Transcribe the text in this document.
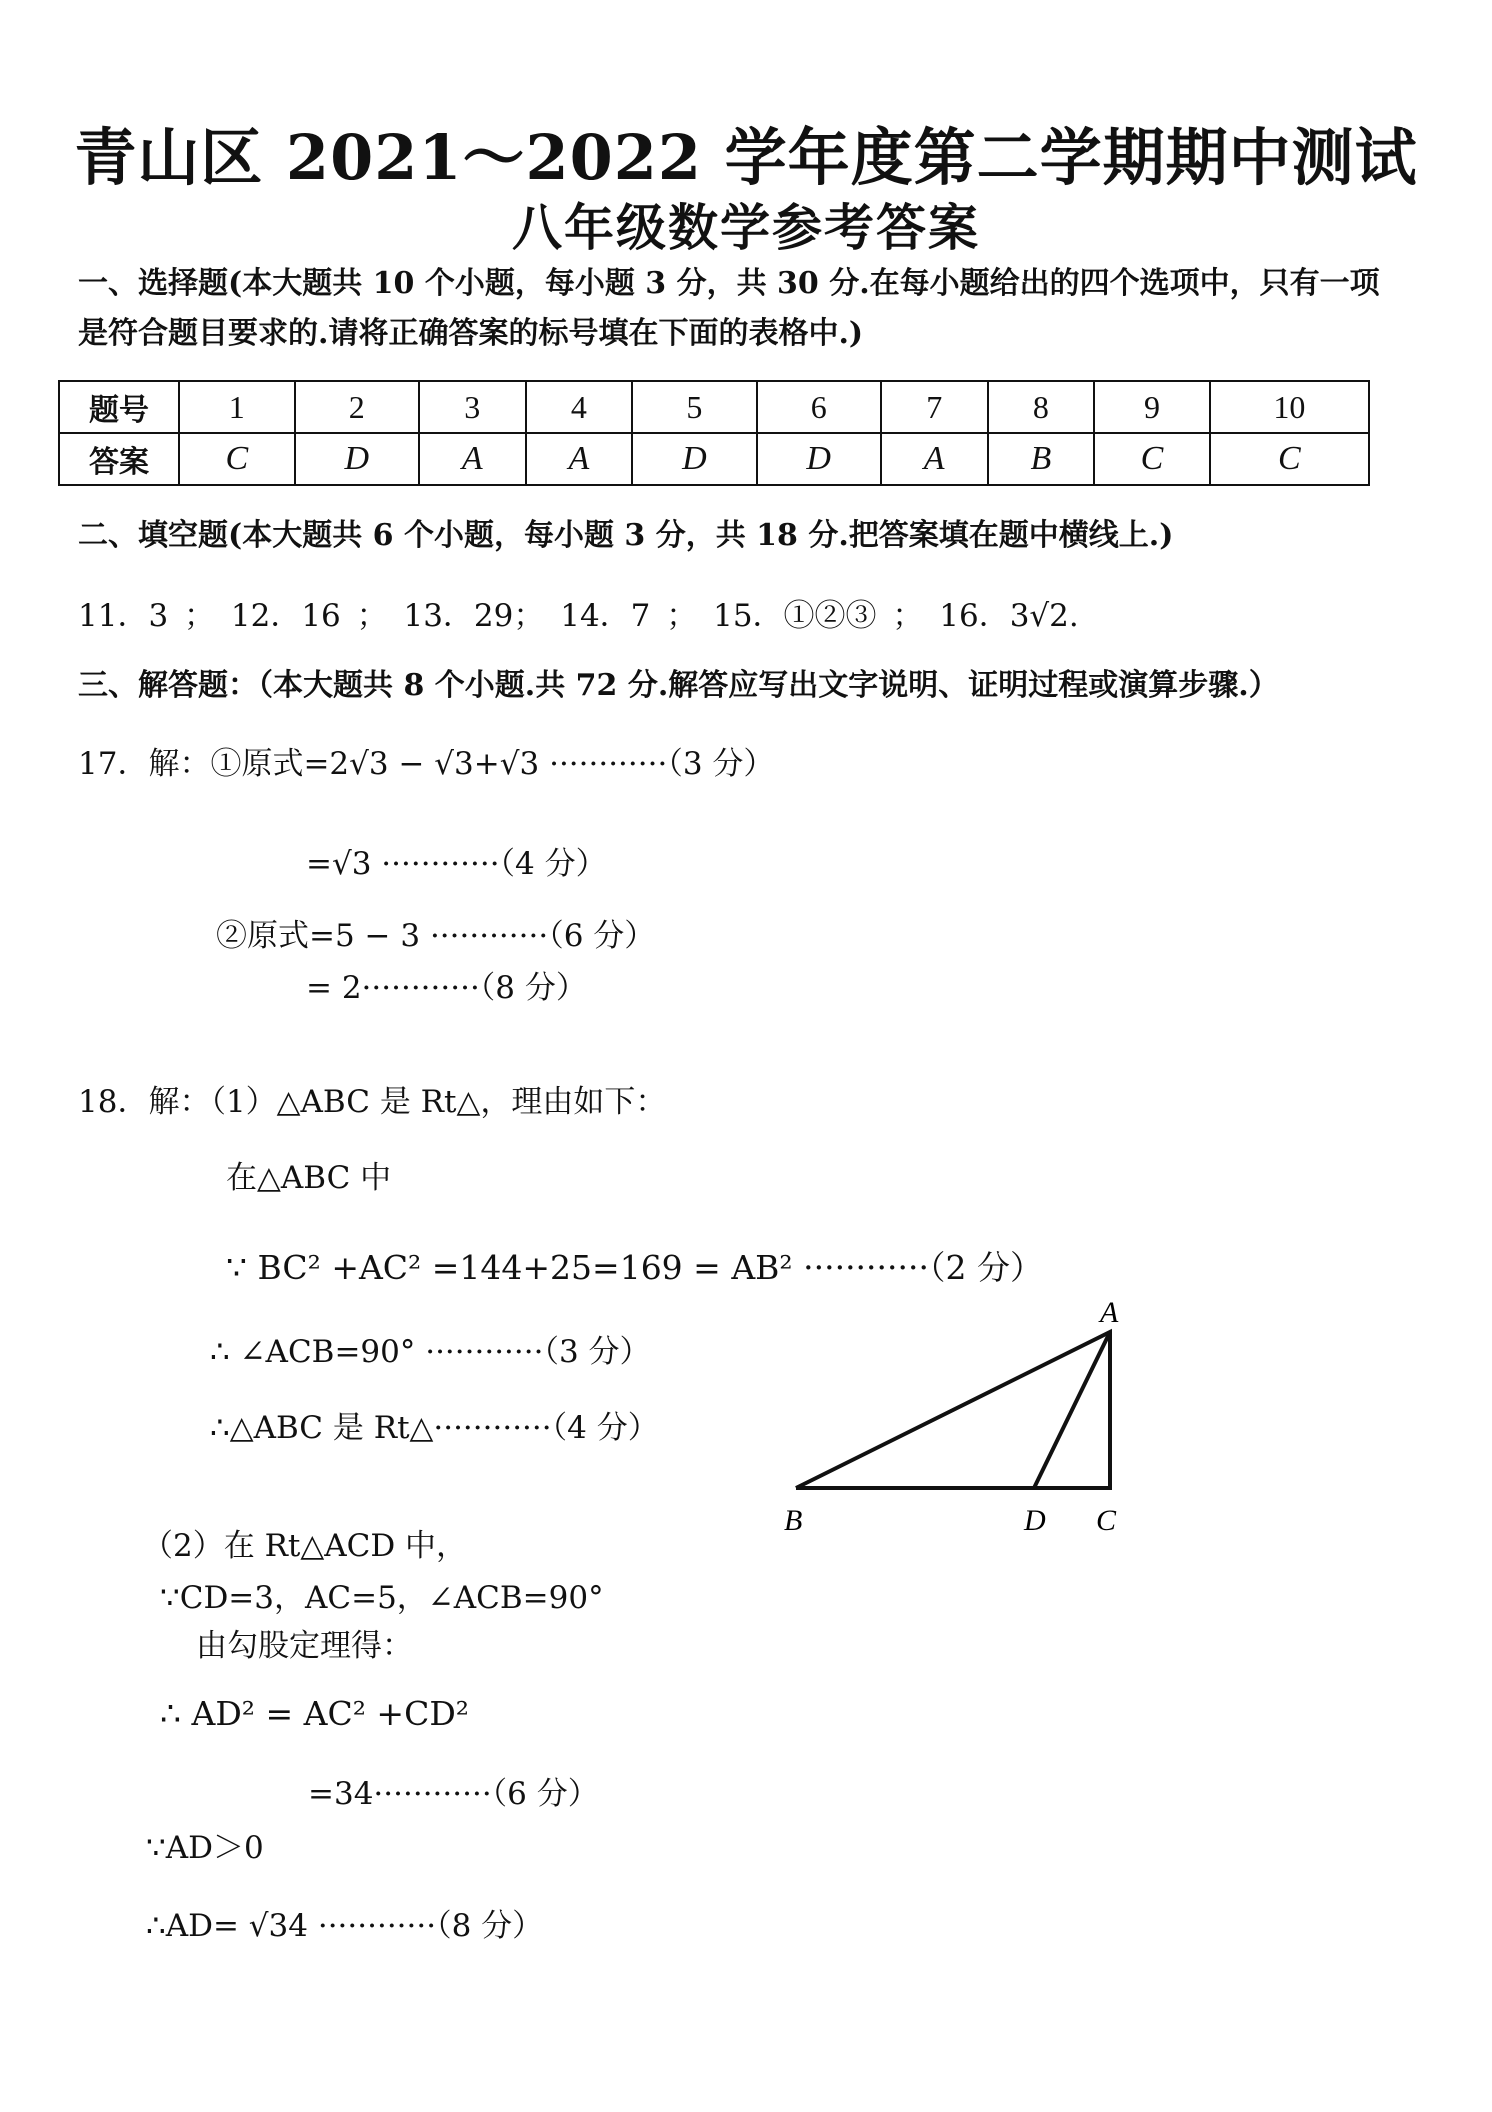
青山区 2021～2022 学年度第二学期期中测试
八年级数学参考答案
一、选择题(本大题共 10 个小题，每小题 3 分，共 30 分.在每小题给出的四个选项中，只有一项
是符合题目要求的.请将正确答案的标号填在下面的表格中.)
题号	1	2	3	4	5	6	7	8	9	10
答案	C	D	A	A	D	D	A	B	C	C
二、填空题(本大题共 6 个小题，每小题 3 分，共 18 分.把答案填在题中横线上.)
11．3 ； 12．16 ； 13．29； 14．7 ； 15．①②③ ； 16．3√2.
三、解答题：（本大题共 8 个小题.共 72 分.解答应写出文字说明、证明过程或演算步骤.）
17．解：①原式=2√3 − √3+√3 ············（3 分）
=√3 ············（4 分）
②原式=5 − 3 ············（6 分）
= 2············（8 分）
18．解：（1）△ABC 是 Rt△，理由如下：
在△ABC 中
∵ BC² +AC² =144+25=169 = AB² ············（2 分）
∴ ∠ACB=90° ············（3 分）
∴△ABC 是 Rt△············（4 分）
（2）在 Rt△ACD 中，
∵CD=3，AC=5，∠ACB=90°
由勾股定理得：
∴ AD² = AC² +CD²
=34············（6 分）
∵AD＞0
∴AD= √34 ············（8 分）
A
B	D C
